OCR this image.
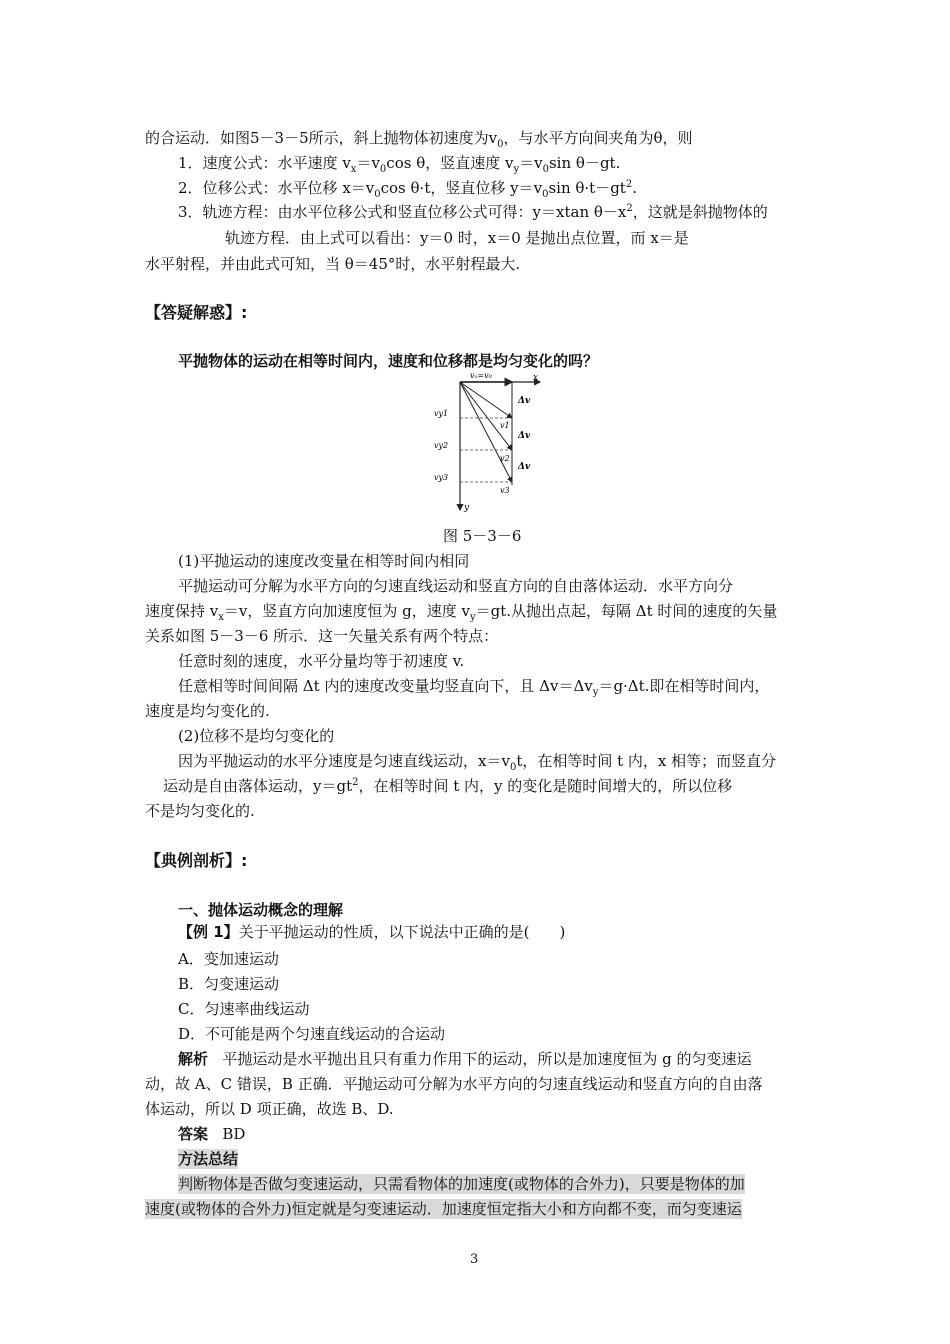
的合运动．如图5－3－5所示，斜上抛物体初速度为$v_0$，与水平方向间夹角为θ，则
1．速度公式：水平速度 $v_x=v_0\cos$ θ，竖直速度 $v_y=v_0\sin$ θ－gt.
2．位移公式：水平位移 $x=v_0\cos$ θ·t，竖直位移 $y=v_0\sin$ $\theta\cdot t-gt^2$.
3．轨迹方程：由水平位移公式和竖直位移公式可得：y＝xtan $\theta-x^2$，这就是斜抛物体的
轨迹方程．由上式可以看出：y＝0 时，x＝0 是抛出点位置，而 x＝是
水平射程，并由此式可知，当 θ＝45°时，水平射程最大.
【答疑解惑】:
平抛物体的运动在相等时间内，速度和位移都是均匀变化的吗？
vₓ=v₀	x
y
vy1
vy2
vy3
v1
v2
v3
Δv
Δv
Δv
图 5－3－6
(1)平抛运动的速度改变量在相等时间内相同
平抛运动可分解为水平方向的匀速直线运动和竖直方向的自由落体运动．水平方向分
速度保持 $v_x=v$，竖直方向加速度恒为 g，速度 $v_y=gt$.从抛出点起，每隔 Δt 时间的速度的矢量
关系如图 5－3－6 所示．这一矢量关系有两个特点：
任意时刻的速度，水平分量均等于初速度 v.
任意相等时间间隔 Δt 内的速度改变量均竖直向下，且 $\Delta v=\Delta v_y=g\cdot\Delta t$.即在相等时间内，
速度是均匀变化的.
(2)位移不是均匀变化的
因为平抛运动的水平分速度是匀速直线运动，$x=v_0t$，在相等时间 t 内，x 相等；而竖直分
运动是自由落体运动，$y=gt^2$，在相等时间 t 内，y 的变化是随时间增大的，所以位移
不是均匀变化的.
【典例剖析】:
一、抛体运动概念的理解
【例 1】关于平抛运动的性质，以下说法中正确的是(　　)
A．变加速运动
B．匀变速运动
C．匀速率曲线运动
D．不可能是两个匀速直线运动的合运动
解析 平抛运动是水平抛出且只有重力作用下的运动，所以是加速度恒为 g 的匀变速运
动，故 A、C 错误，B 正确．平抛运动可分解为水平方向的匀速直线运动和竖直方向的自由落
体运动，所以 D 项正确，故选 B、D.
答案 BD
方法总结
判断物体是否做匀变速运动，只需看物体的加速度(或物体的合外力)，只要是物体的加
速度(或物体的合外力)恒定就是匀变速运动．加速度恒定指大小和方向都不变，而匀变速运
3
